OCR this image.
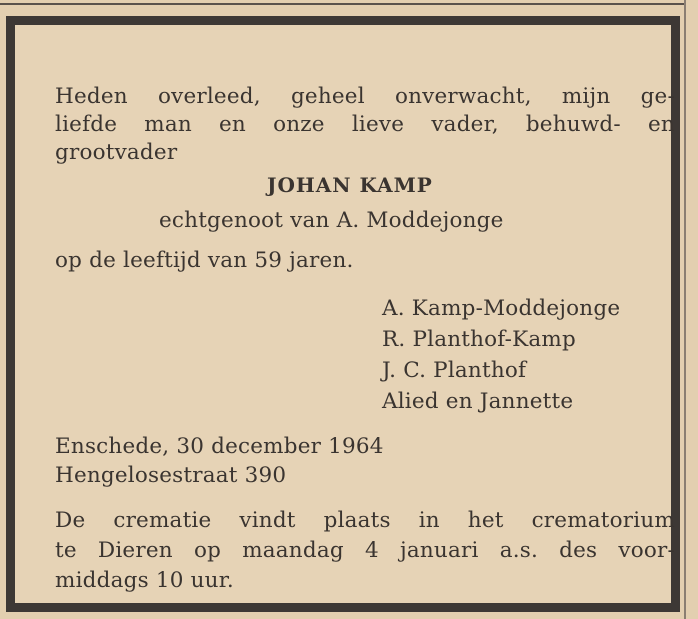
Heden overleed, geheel onverwacht, mijn ge-
liefde man en onze lieve vader, behuwd- en
grootvader
JOHAN KAMP
echtgenoot van A. Moddejonge
op de leeftijd van 59 jaren.
A. Kamp-Moddejonge
R. Planthof-Kamp
J. C. Planthof
Alied en Jannette
Enschede, 30 december 1964
Hengelosestraat 390
De crematie vindt plaats in het crematorium
te Dieren op maandag 4 januari a.s. des voor-
middags 10 uur.
